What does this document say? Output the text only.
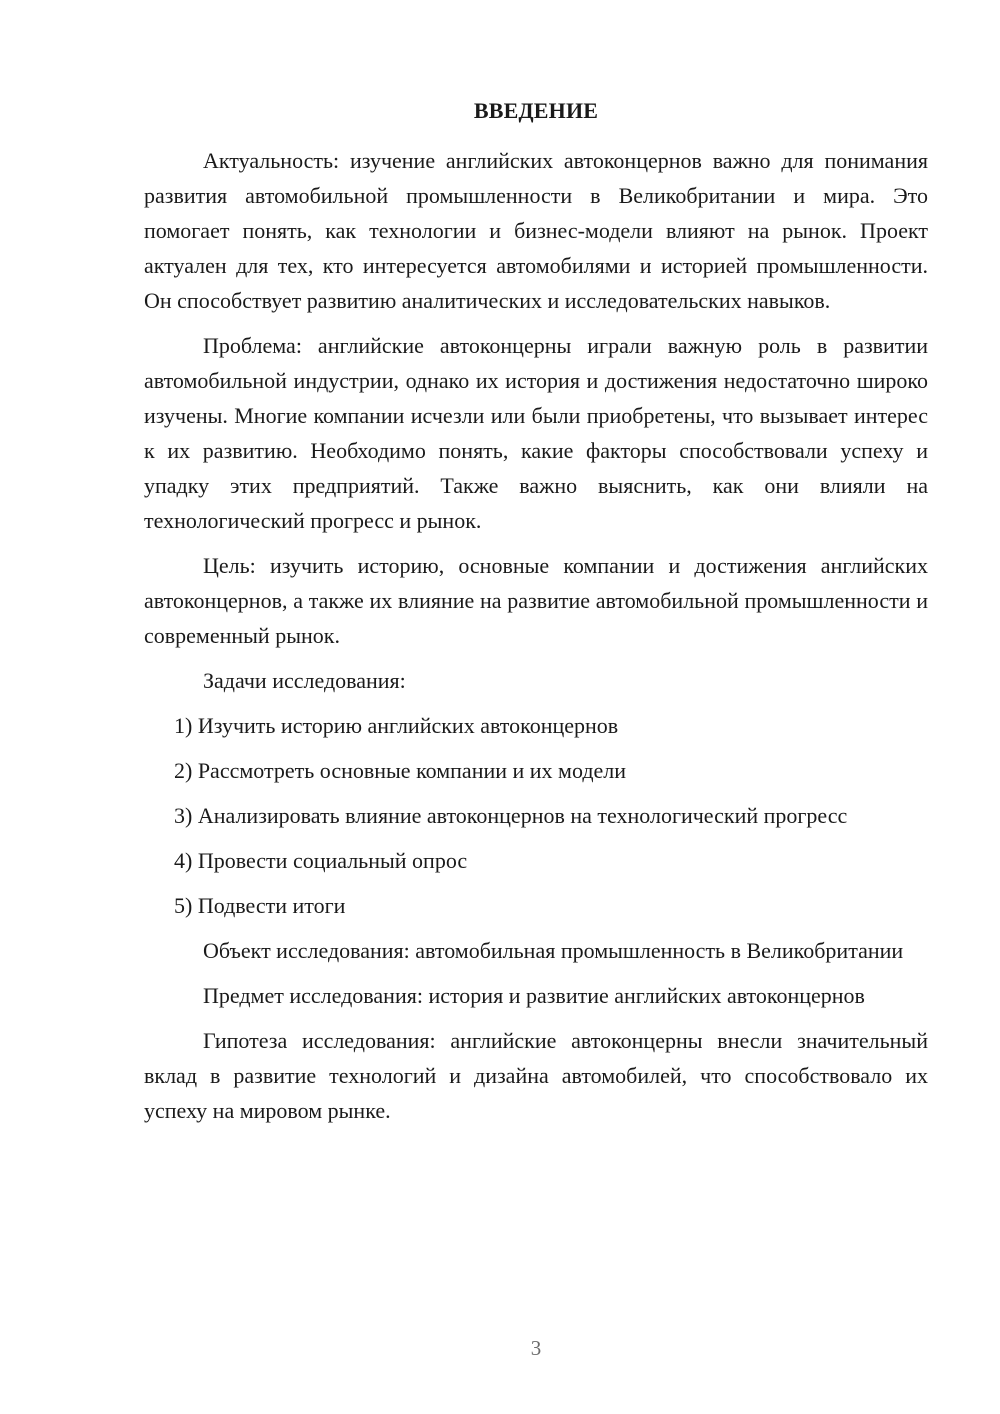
ВВЕДЕНИЕ

Актуальность: изучение английских автоконцернов важно для понимания развития автомобильной промышленности в Великобритании и мира. Это помогает понять, как технологии и бизнес-модели влияют на рынок. Проект актуален для тех, кто интересуется автомобилями и историей промышленности. Он способствует развитию аналитических и исследовательских навыков.

Проблема: английские автоконцерны играли важную роль в развитии автомобильной индустрии, однако их история и достижения недостаточно широко изучены. Многие компании исчезли или были приобретены, что вызывает интерес к их развитию. Необходимо понять, какие факторы способствовали успеху и упадку этих предприятий. Также важно выяснить, как они влияли на технологический прогресс и рынок.

Цель: изучить историю, основные компании и достижения английских автоконцернов, а также их влияние на развитие автомобильной промышленности и современный рынок.

Задачи исследования:

1) Изучить историю английских автоконцернов

2) Рассмотреть основные компании и их модели

3) Анализировать влияние автоконцернов на технологический прогресс

4) Провести социальный опрос

5) Подвести итоги

Объект исследования: автомобильная промышленность в Великобритании

Предмет исследования: история и развитие английских автоконцернов

Гипотеза исследования: английские автоконцерны внесли значительный вклад в развитие технологий и дизайна автомобилей, что способствовало их успеху на мировом рынке.

3
